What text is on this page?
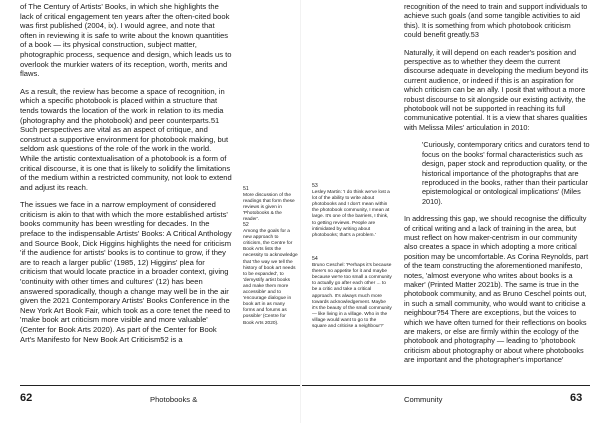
of The Century of Artists' Books, in which she highlights the lack of critical engagement ten years after the often-cited book was first published (2004, ix). I would agree, and note that often in reviewing it is safe to write about the known quantities of a book — its physical construction, subject matter, photographic process, sequence and design, which leads us to overlook the murkier waters of its reception, worth, merits and flaws.

As a result, the review has become a space of recognition, in which a specific photobook is placed within a structure that tends towards the location of the work in relation to its media (photography and the photobook) and peer counterparts.51 Such perspectives are vital as an aspect of critique, and construct a supportive environment for photobook making, but seldom ask questions of the role of the work in the world. While the artistic contextualisation of a photobook is a form of critical discourse, it is one that is likely to solidify the limitations of the medium within a restricted community, not look to extend and adjust its reach.

The issues we face in a narrow employment of considered criticism is akin to that with which the more established artists' books community has been wrestling for decades. In the preface to the indispensable Artists' Books: A Critical Anthology and Source Book, Dick Higgins highlights the need for criticism 'if the audience for artists' books is to continue to grow, if they are to reach a larger public' (1985, 12) Higgins' plea for criticism that would locate practice in a broader context, giving 'continuity with other times and cultures' (12) has been answered sporadically, though a change may well be in the air given the 2021 Contemporary Artists' Books Conference in the New York Art Book Fair, which took as a core tenet the need to 'make book art criticism more visible and more valuable' (Center for Book Arts 2020). As part of the Center for Book Art's Manifesto for New Book Art Criticism52 is a

51
More discussion of the readings that form these reviews is given in 'Photobooks & the reader'.
52
Among the goals for a new approach to criticism, the Centre for Book Arts lists the necessity to acknowledge that 'the way we tell the history of book art needs to be expanded', to 'demystify artist books and make them more accessible' and to 'encourage dialogue in book art in as many forms and forums as possible' (Centre for Book Arts 2020).
62	Photobooks &
53
Lesley Martin: 'I do think we've lost a lot of the ability to write about photobooks and I don't mean within the photobook community, I mean at large. It's one of the barriers, I think, to getting reviews. People are intimidated by writing about photobooks; that's a problem.'
54
Bruno Ceschel: 'Perhaps it's because there's no appetite for it and maybe because we're too small a community to actually go after each other ... to be a critic and take a critical approach. It's always much more towards acknowledgement. Maybe it's the beauty of the small community — like living in a village. Who in the village would want to go to the square and criticise a neighbour?'

recognition of the need to train and support individuals to achieve such goals (and some tangible activities to aid this). It is something from which photobook criticism could benefit greatly.53

Naturally, it will depend on each reader's position and perspective as to whether they deem the current discourse adequate in developing the medium beyond its current audience, or indeed if this is an aspiration for which criticism can be an ally. I posit that without a more robust discourse to sit alongside our existing activity, the photobook will not be supported in reaching its full communicative potential. It is a view that shares qualities with Melissa Miles' articulation in 2010:

'Curiously, contemporary critics and curators tend to focus on the books' formal characteristics such as design, paper stock and reproduction quality, or the historical importance of the photographs that are reproduced in the books, rather than their particular epistemological or ontological implications' (Miles 2010).

In addressing this gap, we should recognise the difficulty of critical writing and a lack of training in the area, but must reflect on how maker-centrism in our community also creates a space in which adopting a more critical position may be uncomfortable. As Corina Reynolds, part of the team constructing the aforementioned manifesto, notes, 'almost everyone who writes about books is a maker' (Printed Matter 2021b). The same is true in the photobook community, and as Bruno Ceschel points out, in such a small community, who would want to criticise a neighbour?54 There are exceptions, but the voices to which we have often turned for their reflections on books are makers, or else are firmly within the ecology of the photobook and photography — leading to 'photobook criticism about photography or about where photobooks are important and the photographer's importance'

Community	63
